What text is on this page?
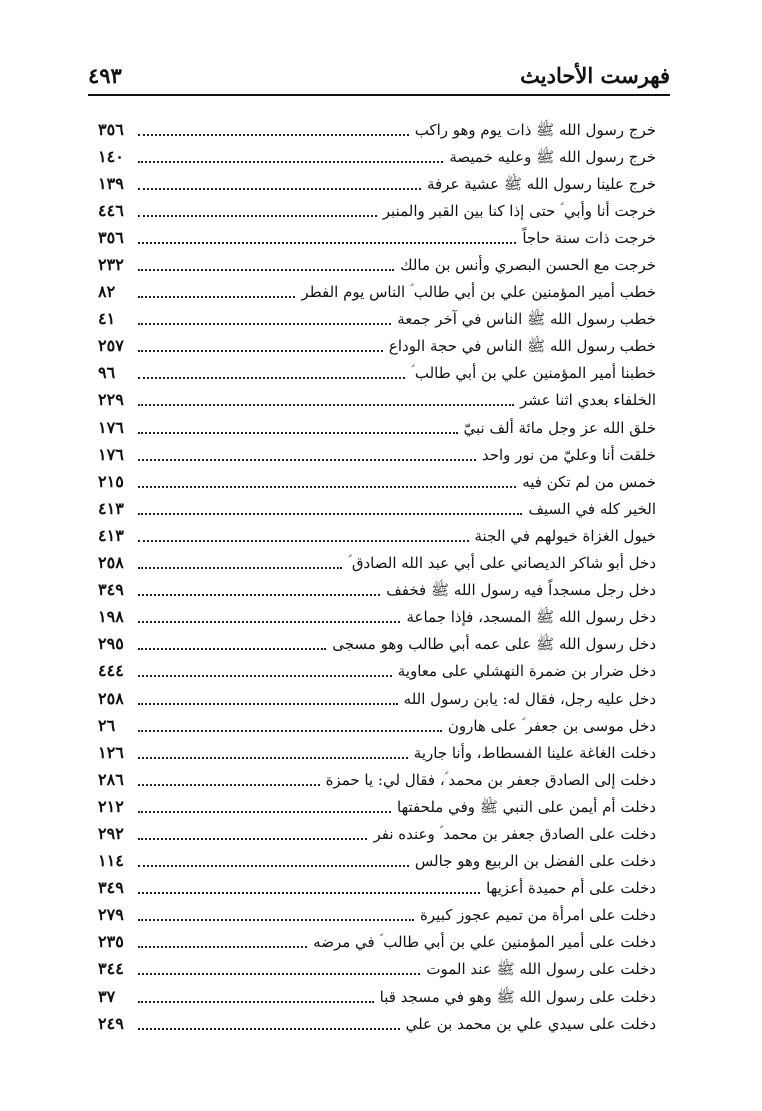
فهرست الأحاديث
٤٩٣
خرج رسول الله ﷺ ذات يوم وهو راكب
٣٥٦
خرج رسول الله ﷺ وعليه خميصة
١٤٠
خرج علينا رسول الله ﷺ عشية عرفة
١٣٩
خرجت أنا وأبي ؑ حتى إذا كنا بين القبر والمنبر
٤٤٦
خرجت ذات سنة حاجاً
٣٥٦
خرجت مع الحسن البصري وأنس بن مالك
٢٣٢
خطب أمير المؤمنين علي بن أبي طالب ؑ الناس يوم الفطر
٨٢
خطب رسول الله ﷺ الناس في آخر جمعة
٤١
خطب رسول الله ﷺ الناس في حجة الوداع
٢٥٧
خطبنا أمير المؤمنين علي بن أبي طالب ؑ
٩٦
الخلفاء بعدي اثنا عشر
٢٢٩
خلق الله عز وجل مائة ألف نبيّ
١٧٦
خلقت أنا وعليّ من نور واحد
١٧٦
خمس من لم تكن فيه
٢١٥
الخير كله في السيف
٤١٣
خيول الغزاة خيولهم في الجنة
٤١٣
دخل أبو شاكر الديصاني على أبي عبد الله الصادق ؑ
٢٥٨
دخل رجل مسجداً فيه رسول الله ﷺ فخفف
٣٤٩
دخل رسول الله ﷺ المسجد، فإذا جماعة
١٩٨
دخل رسول الله ﷺ على عمه أبي طالب وهو مسجى
٢٩٥
دخل ضرار بن ضمرة النهشلي على معاوية
٤٤٤
دخل عليه رجل، فقال له: يابن رسول الله
٢٥٨
دخل موسى بن جعفر ؑ على هارون
٢٦
دخلت الغاغة علينا الفسطاط، وأنا جارية
١٢٦
دخلت إلى الصادق جعفر بن محمد ؑ، فقال لي: يا حمزة
٢٨٦
دخلت أم أيمن على النبي ﷺ وفي ملحفتها
٢١٢
دخلت على الصادق جعفر بن محمد ؑ وعنده نفر
٢٩٢
دخلت على الفضل بن الربيع وهو جالس
١١٤
دخلت على أم حميدة أعزيها
٣٤٩
دخلت على امرأة من تميم عجوز كبيرة
٢٧٩
دخلت على أمير المؤمنين علي بن أبي طالب ؑ في مرضه
٢٣٥
دخلت على رسول الله ﷺ عند الموت
٣٤٤
دخلت على رسول الله ﷺ وهو في مسجد قبا
٣٧
دخلت على سيدي علي بن محمد بن علي
٢٤٩
